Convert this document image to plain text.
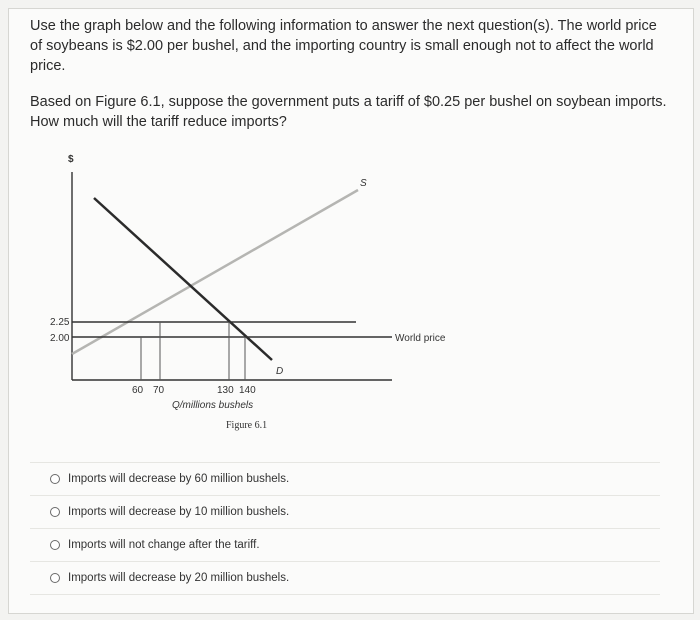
Use the graph below and the following information to answer the next question(s). The world price of soybeans is $2.00 per bushel, and the importing country is small enough not to affect the world price.
Based on Figure 6.1, suppose the government puts a tariff of $0.25 per bushel on soybean imports. How much will the tariff reduce imports?
$
2.25
2.00
60 70	130 140
Q/millions bushels
Figure 6.1
S
D
World price
Imports will decrease by 60 million bushels.
Imports will decrease by 10 million bushels.
Imports will not change after the tariff.
Imports will decrease by 20 million bushels.
